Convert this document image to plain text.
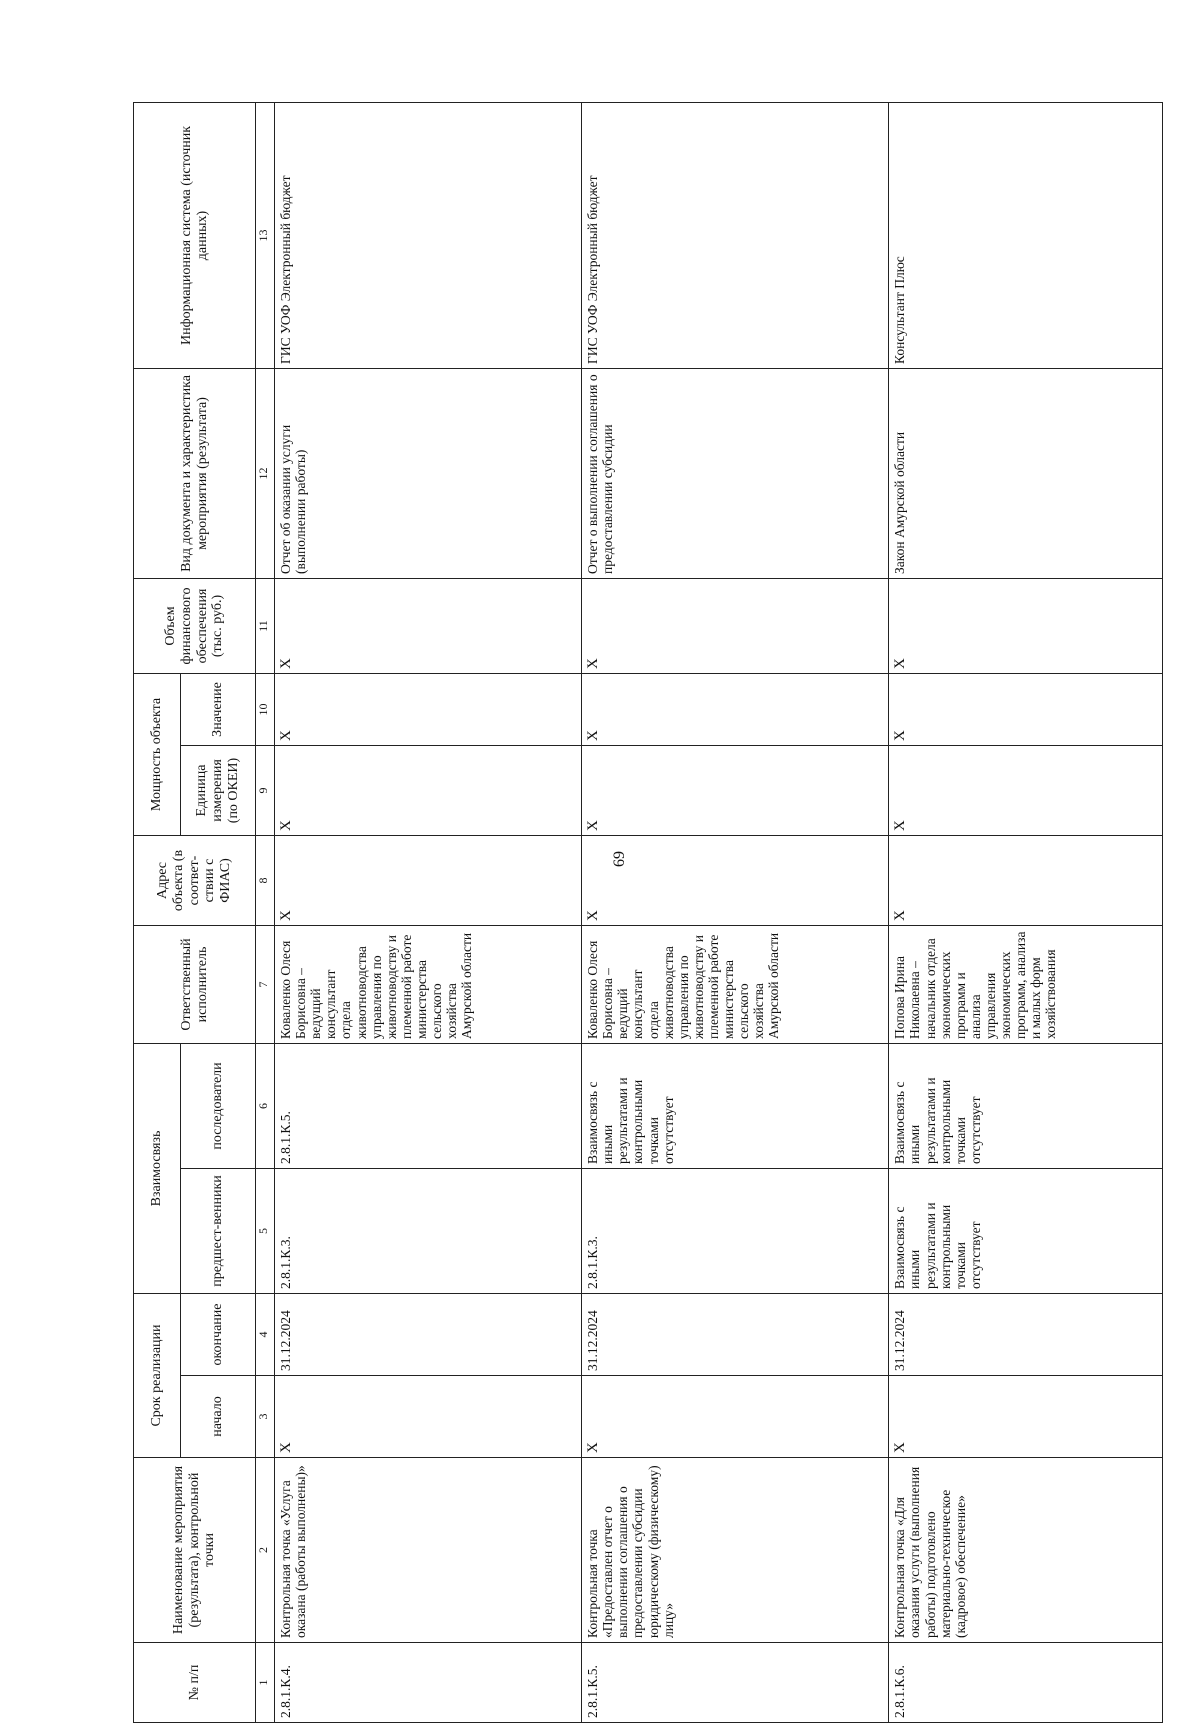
69
№ п/п	Наименование мероприятия (результата), контрольной точки	Срок реализации		Взаимосвязь		Ответственный исполнитель	Адрес объекта (в соответ-ствии с ФИАС)	Мощность объекта		Объем финансового обеспечения (тыс. руб.)	Вид документа и характеристика мероприятия (результата)	Информационная система (источник данных)
		начало	окончание	предшест-венники	последователи			Единица измерения (по ОКЕИ)	Значение			
1	2	3	4	5	6	7	8	9	10	11	12	13
2.8.1.К.4.	Контрольная точка «Услуга оказана (работы выполнены)»	X	31.12.2024	2.8.1.К.3.	2.8.1.К.5.	Коваленко Олеся Борисовна – ведущий консультант отдела животноводства управления по животноводству и племенной работе министерства сельского хозяйства Амурской области	X	X	X	X	Отчет об оказании услуги (выполнении работы)	ГИС УОФ Электронный бюджет
2.8.1.К.5.	Контрольная точка «Предоставлен отчет о выполнении соглашения о предоставлении субсидии юридическому (физическому) лицу»	X	31.12.2024	2.8.1.К.3.	Взаимосвязь с иными результатами и контрольными точками отсутствует	Коваленко Олеся Борисовна – ведущий консультант отдела животноводства управления по животноводству и племенной работе министерства сельского хозяйства Амурской области	X	X	X	X	Отчет о выполнении соглашения о предоставлении субсидии	ГИС УОФ Электронный бюджет
2.8.1.К.6.	Контрольная точка «Для оказания услуги (выполнения работы) подготовлено материально-техническое (кадровое) обеспечение»	X	31.12.2024	Взаимосвязь с иными результатами и контрольными точками отсутствует	Взаимосвязь с иными результатами и контрольными точками отсутствует	Попова Ирина Николаевна – начальник отдела экономических программ и анализа управления экономических программ, анализа и малых форм хозяйствования	X	X	X	X	Закон Амурской области	Консультант Плюс
